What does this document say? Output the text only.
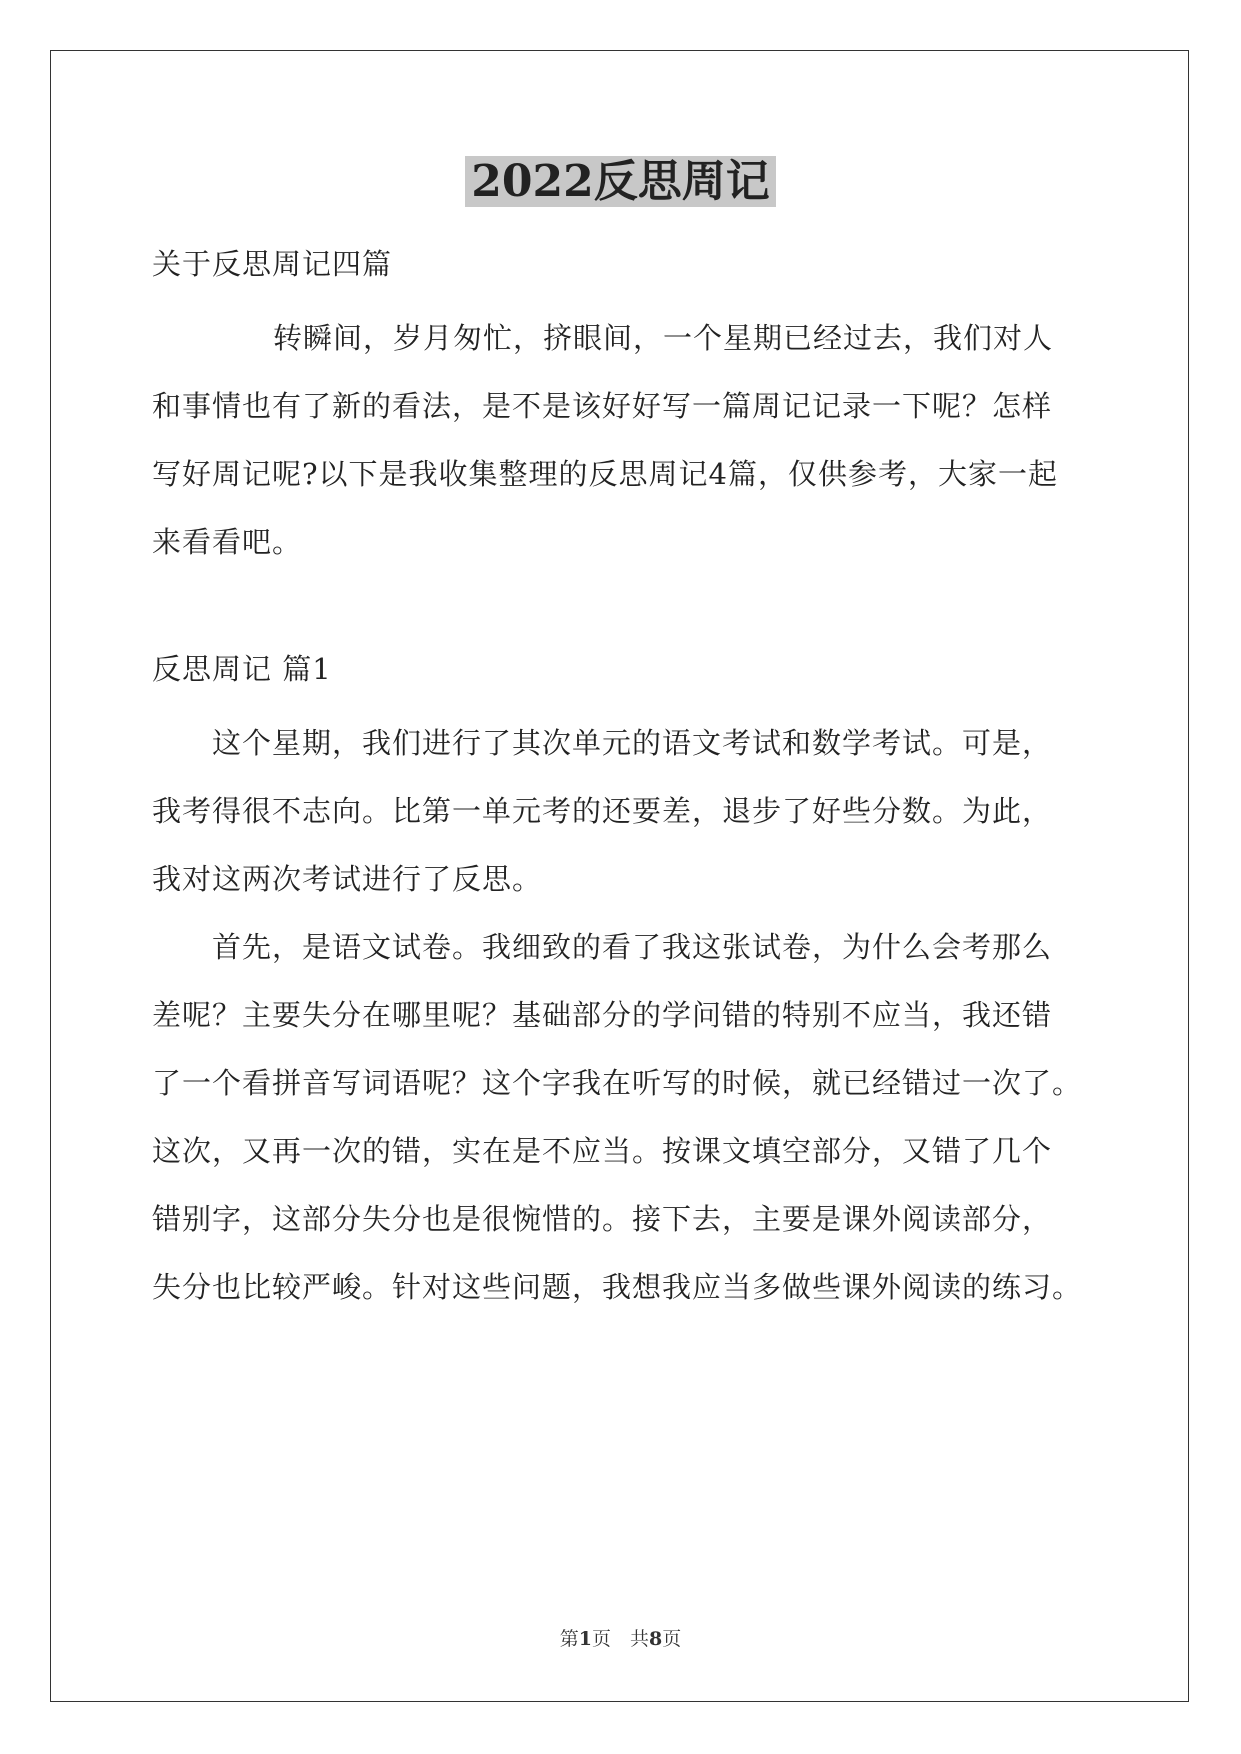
2022反思周记
关于反思周记四篇
转瞬间，岁月匆忙，挤眼间，一个星期已经过去，我们对人
和事情也有了新的看法，是不是该好好写一篇周记记录一下呢？怎样
写好周记呢?以下是我收集整理的反思周记4篇，仅供参考，大家一起
来看看吧。
反思周记 篇1
这个星期，我们进行了其次单元的语文考试和数学考试。可是，
我考得很不志向。比第一单元考的还要差，退步了好些分数。为此，
我对这两次考试进行了反思。
首先，是语文试卷。我细致的看了我这张试卷，为什么会考那么
差呢？主要失分在哪里呢？基础部分的学问错的特别不应当，我还错
了一个看拼音写词语呢？这个字我在听写的时候，就已经错过一次了。
这次，又再一次的错，实在是不应当。按课文填空部分，又错了几个
错别字，这部分失分也是很惋惜的。接下去，主要是课外阅读部分，
失分也比较严峻。针对这些问题，我想我应当多做些课外阅读的练习。
第1页　共8页
